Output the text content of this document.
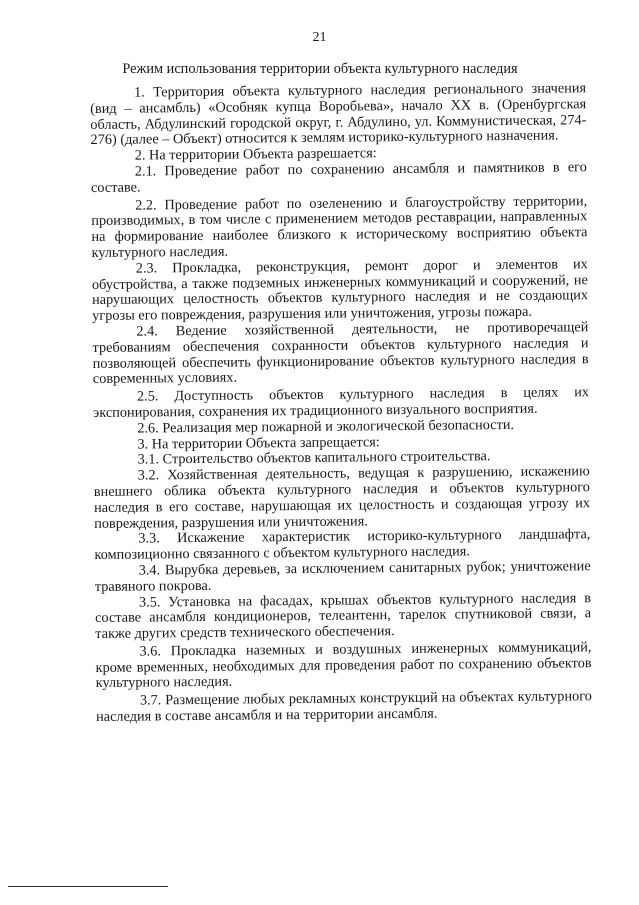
21
Режим использования территории объекта культурного наследия

1. Территория объекта культурного наследия регионального значения (вид – ансамбль) «Особняк купца Воробьева», начало XX в. (Оренбургская область, Абдулинский городской округ, г. Абдулино, ул. Коммунистическая, 274-276) (далее – Объект) относится к землям историко-культурного назначения.

2. На территории Объекта разрешается:

2.1. Проведение работ по сохранению ансамбля и памятников в его составе.

2.2. Проведение работ по озеленению и благоустройству территории, производимых, в том числе с применением методов реставрации, направленных на формирование наиболее близкого к историческому восприятию объекта культурного наследия.

2.3. Прокладка, реконструкция, ремонт дорог и элементов их обустройства, а также подземных инженерных коммуникаций и сооружений, не нарушающих целостность объектов культурного наследия и не создающих угрозы его повреждения, разрушения или уничтожения, угрозы пожара.

2.4. Ведение хозяйственной деятельности, не противоречащей требованиям обеспечения сохранности объектов культурного наследия и позволяющей обеспечить функционирование объектов культурного наследия в современных условиях.

2.5. Доступность объектов культурного наследия в целях их экспонирования, сохранения их традиционного визуального восприятия.

2.6. Реализация мер пожарной и экологической безопасности.

3. На территории Объекта запрещается:

3.1. Строительство объектов капитального строительства.

3.2. Хозяйственная деятельность, ведущая к разрушению, искажению внешнего облика объекта культурного наследия и объектов культурного наследия в его составе, нарушающая их целостность и создающая угрозу их повреждения, разрушения или уничтожения.

3.3. Искажение характеристик историко-культурного ландшафта, композиционно связанного с объектом культурного наследия.

3.4. Вырубка деревьев, за исключением санитарных рубок; уничтожение травяного покрова.

3.5. Установка на фасадах, крышах объектов культурного наследия в составе ансамбля кондиционеров, телеантенн, тарелок спутниковой связи, а также других средств технического обеспечения.

3.6. Прокладка наземных и воздушных инженерных коммуникаций, кроме временных, необходимых для проведения работ по сохранению объектов культурного наследия.

3.7. Размещение любых рекламных конструкций на объектах культурного наследия в составе ансамбля и на территории ансамбля.
